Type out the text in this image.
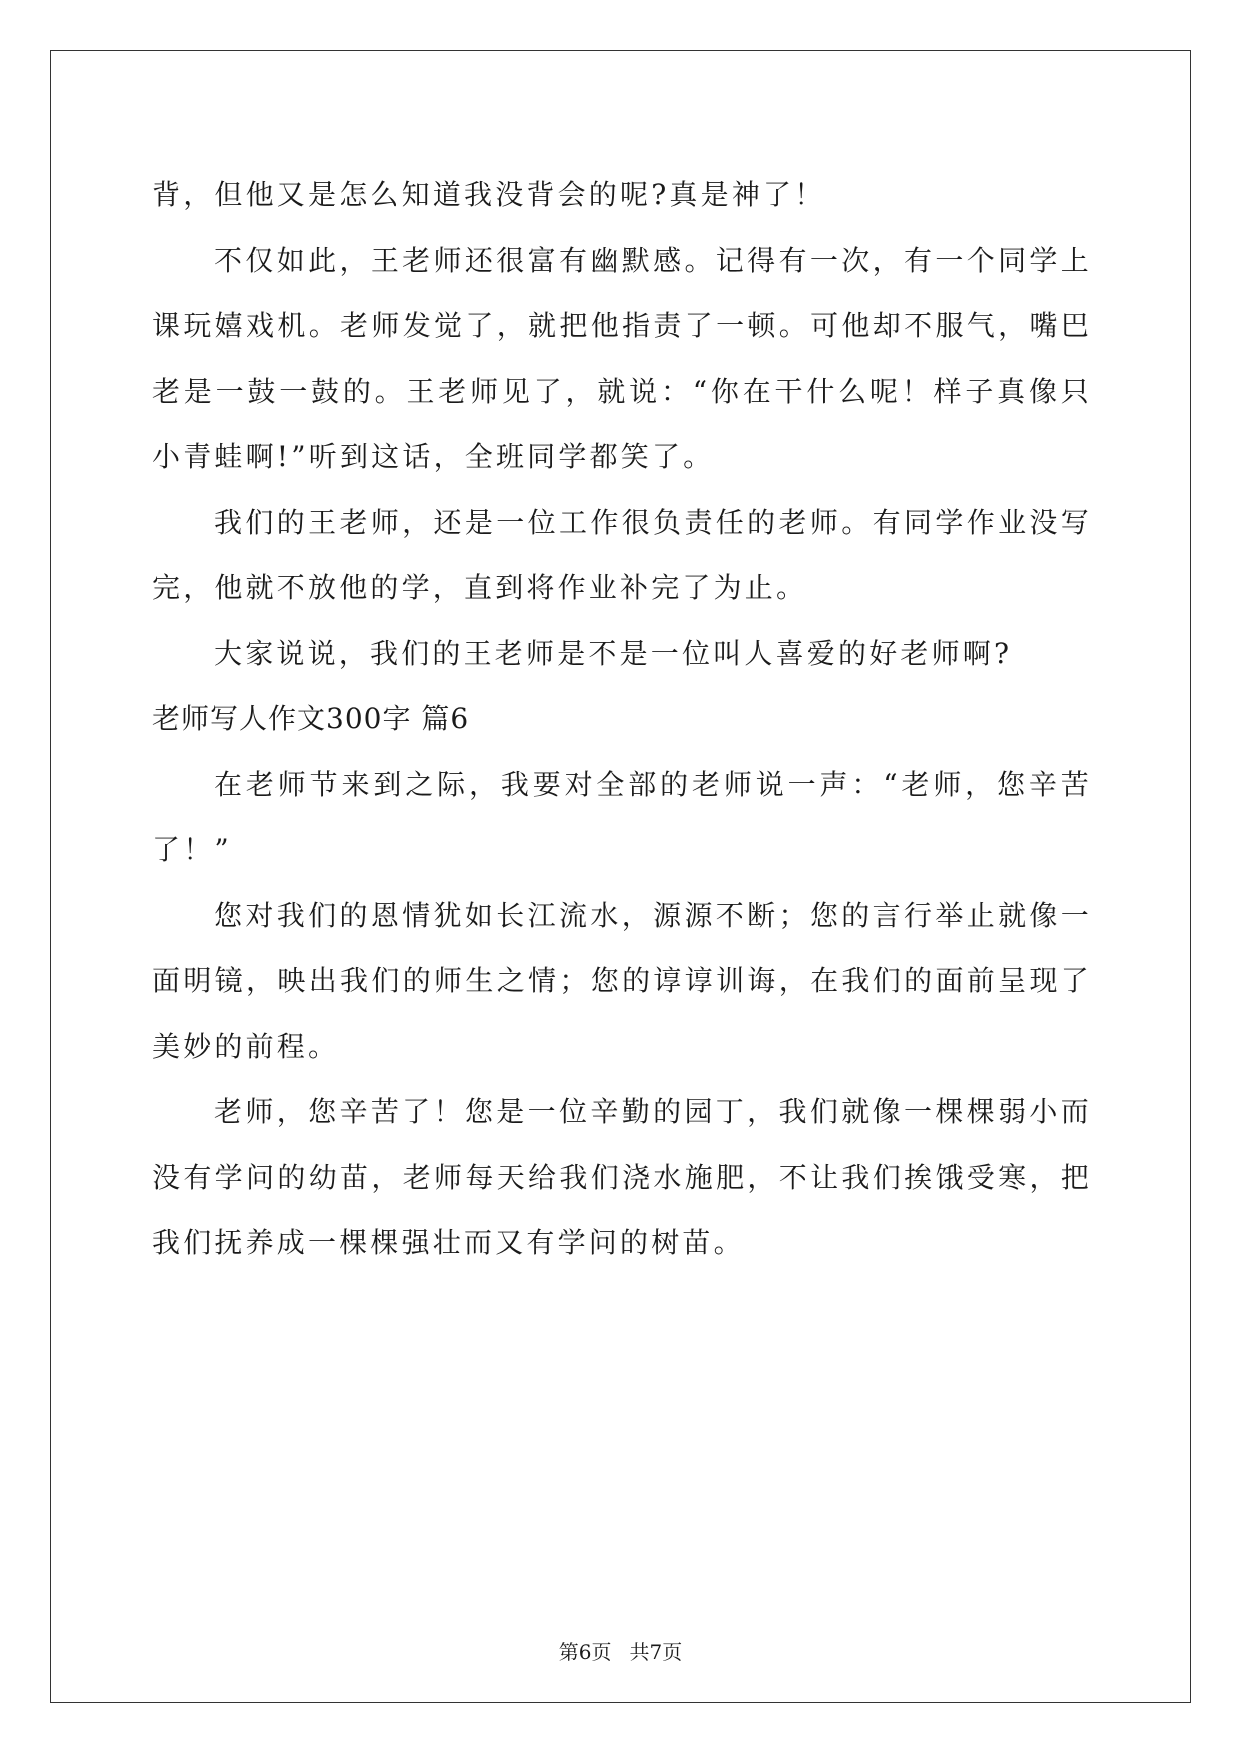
背，但他又是怎么知道我没背会的呢?真是神了！

不仅如此，王老师还很富有幽默感。记得有一次，有一个同学上课玩嬉戏机。老师发觉了，就把他指责了一顿。可他却不服气，嘴巴老是一鼓一鼓的。王老师见了，就说：“你在干什么呢！样子真像只小青蛙啊!”听到这话，全班同学都笑了。

我们的王老师，还是一位工作很负责任的老师。有同学作业没写完，他就不放他的学，直到将作业补完了为止。

大家说说，我们的王老师是不是一位叫人喜爱的好老师啊?

老师写人作文300字 篇6

在老师节来到之际，我要对全部的老师说一声：“老师，您辛苦了！”

您对我们的恩情犹如长江流水，源源不断；您的言行举止就像一面明镜，映出我们的师生之情；您的谆谆训诲，在我们的面前呈现了美妙的前程。

老师，您辛苦了！您是一位辛勤的园丁，我们就像一棵棵弱小而没有学问的幼苗，老师每天给我们浇水施肥，不让我们挨饿受寒，把我们抚养成一棵棵强壮而又有学问的树苗。

第6页 共7页
